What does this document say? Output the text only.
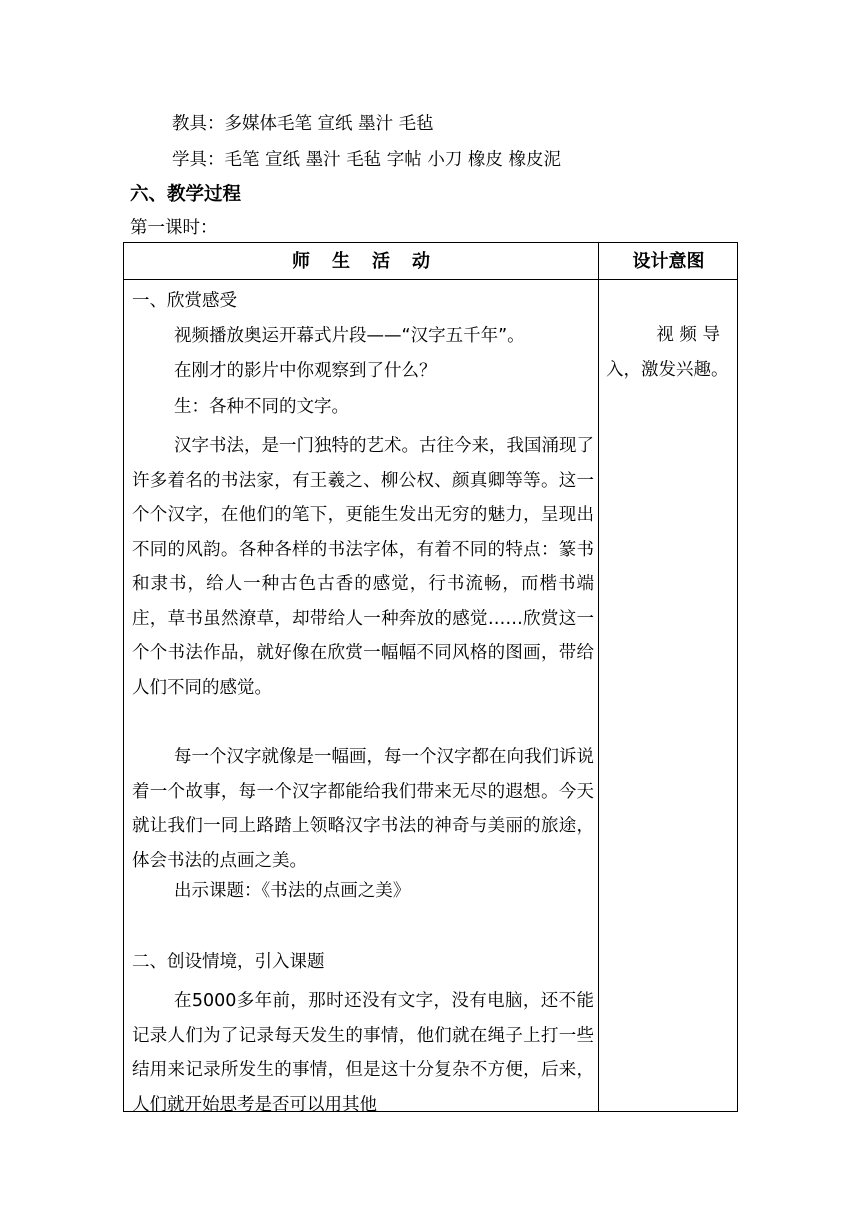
教具：多媒体毛笔 宣纸 墨汁 毛毡
学具：毛笔 宣纸 墨汁 毛毡 字帖 小刀 橡皮 橡皮泥
六、教学过程
第一课时：
师生活动	设计意图
一、欣赏感受
视频播放奥运开幕式片段——“汉字五千年”。
在刚才的影片中你观察到了什么？
生：各种不同的文字。
汉字书法，是一门独特的艺术。古往今来，我国涌现了许多着名的书法家，有王羲之、柳公权、颜真卿等等。这一个个汉字，在他们的笔下，更能生发出无穷的魅力，呈现出不同的风韵。各种各样的书法字体，有着不同的特点：篆书和隶书，给人一种古色古香的感觉，行书流畅，而楷书端庄，草书虽然潦草，却带给人一种奔放的感觉……欣赏这一个个书法作品，就好像在欣赏一幅幅不同风格的图画，带给人们不同的感觉。
每一个汉字就像是一幅画，每一个汉字都在向我们诉说着一个故事，每一个汉字都能给我们带来无尽的遐想。今天就让我们一同上路踏上领略汉字书法的神奇与美丽的旅途，体会书法的点画之美。
出示课题：《书法的点画之美》
二、创设情境，引入课题
在5000多年前，那时还没有文字，没有电脑，还不能记录人们为了记录每天发生的事情，他们就在绳子上打一些结用来记录所发生的事情，但是这十分复杂不方便，后来，人们就开始思考是否可以用其他
视 频 导
入，激发兴趣。
